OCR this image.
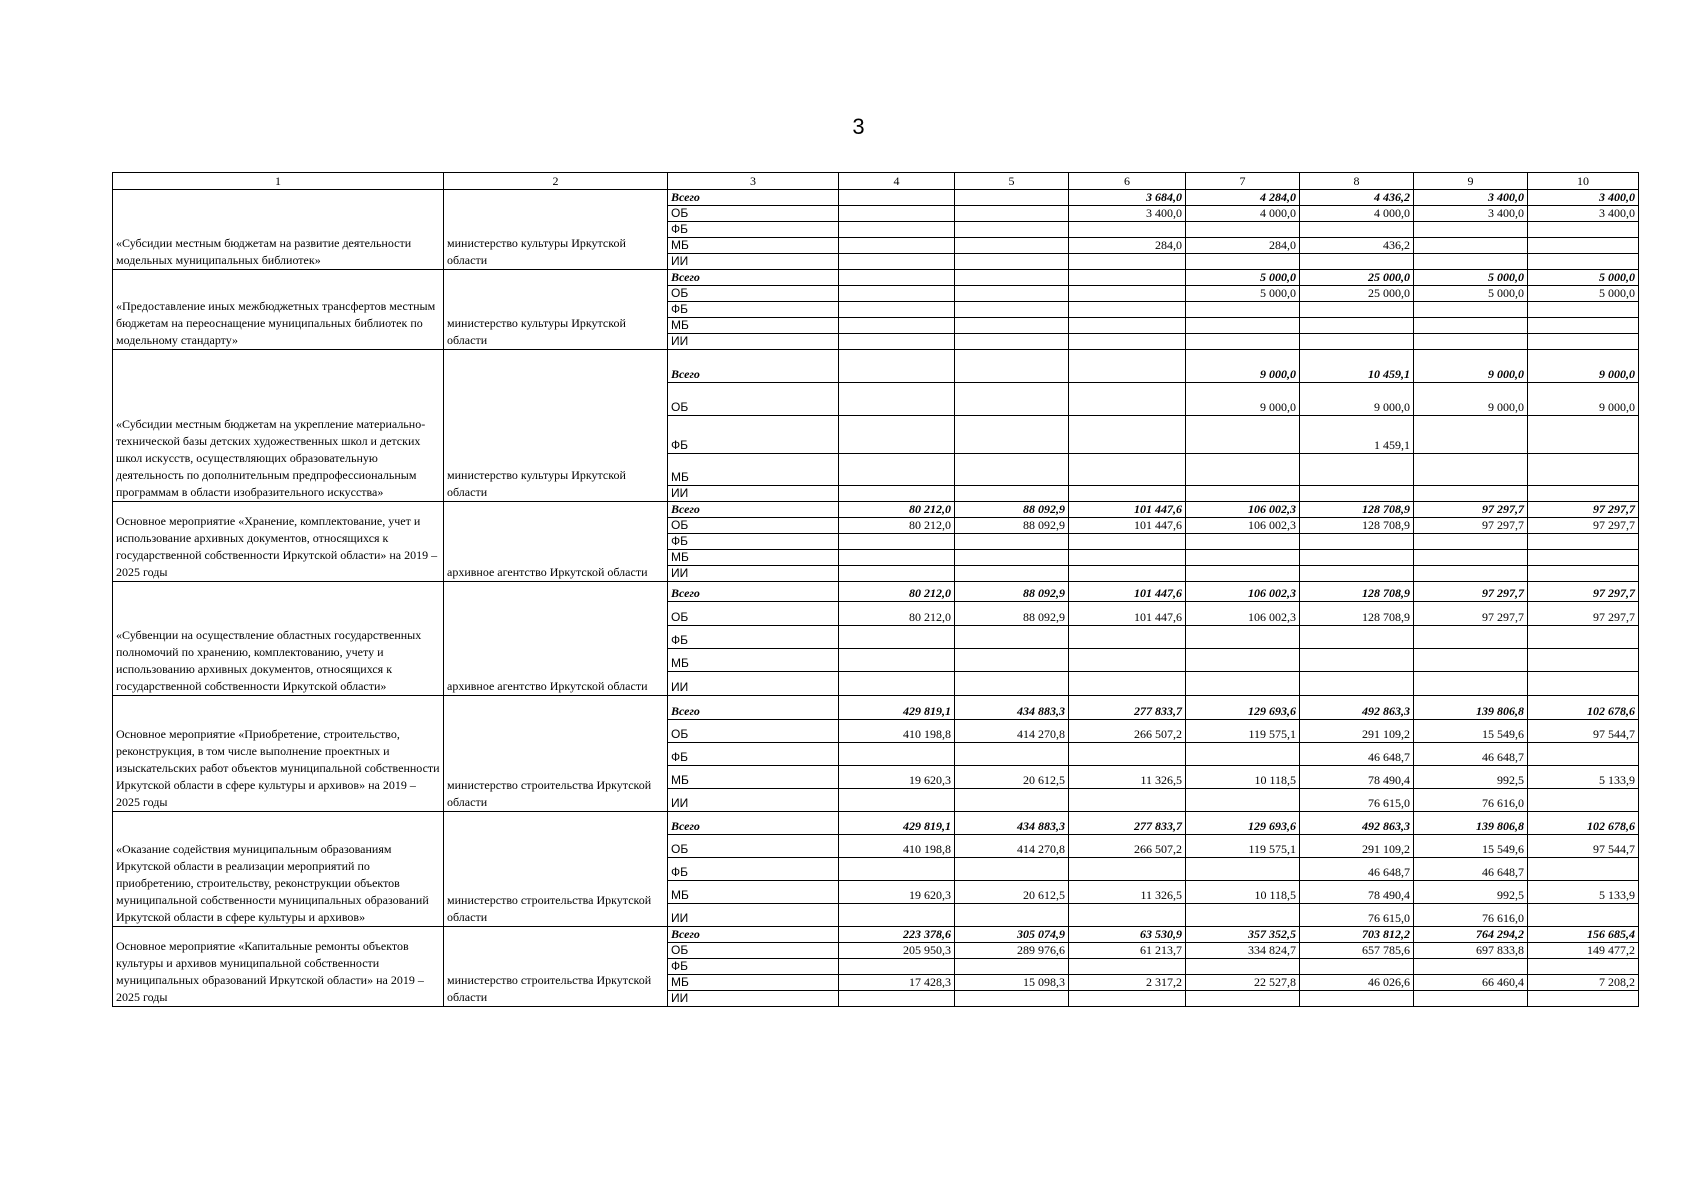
3
1	2	3	4	5	6	7	8	9	10
«Субсидии местным бюджетам на развитие деятельности модельных муниципальных библиотек»	министерство культуры Иркутской области	Всего			3 684,0	4 284,0	4 436,2	3 400,0	3 400,0
		ОБ			3 400,0	4 000,0	4 000,0	3 400,0	3 400,0
		ФБ							
		МБ			284,0	284,0	436,2		
		ИИ							
«Предоставление иных межбюджетных трансфертов местным бюджетам на переоснащение муниципальных библиотек по модельному стандарту»	министерство культуры Иркутской области	Всего				5 000,0	25 000,0	5 000,0	5 000,0
		ОБ				5 000,0	25 000,0	5 000,0	5 000,0
		ФБ							
		МБ							
		ИИ							
«Субсидии местным бюджетам на укрепление материально-технической базы детских художественных школ и детских школ искусств, осуществляющих образовательную деятельность по дополнительным предпрофессиональным программам в области изобразительного искусства»	министерство культуры Иркутской области	Всего				9 000,0	10 459,1	9 000,0	9 000,0
		ОБ				9 000,0	9 000,0	9 000,0	9 000,0
		ФБ					1 459,1		
		МБ							
		ИИ							
Основное мероприятие «Хранение, комплектование, учет и использование архивных документов, относящихся к государственной собственности Иркутской области» на 2019 – 2025 годы	архивное агентство Иркутской области	Всего	80 212,0	88 092,9	101 447,6	106 002,3	128 708,9	97 297,7	97 297,7
		ОБ	80 212,0	88 092,9	101 447,6	106 002,3	128 708,9	97 297,7	97 297,7
		ФБ							
		МБ							
		ИИ							
«Субвенции на осуществление областных государственных полномочий по хранению, комплектованию, учету и использованию архивных документов, относящихся к государственной собственности Иркутской области»	архивное агентство Иркутской области	Всего	80 212,0	88 092,9	101 447,6	106 002,3	128 708,9	97 297,7	97 297,7
		ОБ	80 212,0	88 092,9	101 447,6	106 002,3	128 708,9	97 297,7	97 297,7
		ФБ							
		МБ							
		ИИ							
Основное мероприятие «Приобретение, строительство, реконструкция, в том числе выполнение проектных и изыскательских работ объектов муниципальной собственности Иркутской области в сфере культуры и архивов» на 2019 – 2025 годы	министерство строительства Иркутской области	Всего	429 819,1	434 883,3	277 833,7	129 693,6	492 863,3	139 806,8	102 678,6
		ОБ	410 198,8	414 270,8	266 507,2	119 575,1	291 109,2	15 549,6	97 544,7
		ФБ					46 648,7	46 648,7	
		МБ	19 620,3	20 612,5	11 326,5	10 118,5	78 490,4	992,5	5 133,9
		ИИ					76 615,0	76 616,0	
«Оказание содействия муниципальным образованиям Иркутской области в реализации мероприятий по приобретению, строительству, реконструкции объектов муниципальной собственности муниципальных образований Иркутской области в сфере культуры и архивов»	министерство строительства Иркутской области	Всего	429 819,1	434 883,3	277 833,7	129 693,6	492 863,3	139 806,8	102 678,6
		ОБ	410 198,8	414 270,8	266 507,2	119 575,1	291 109,2	15 549,6	97 544,7
		ФБ					46 648,7	46 648,7	
		МБ	19 620,3	20 612,5	11 326,5	10 118,5	78 490,4	992,5	5 133,9
		ИИ					76 615,0	76 616,0	
Основное мероприятие «Капитальные ремонты объектов культуры и архивов муниципальной собственности муниципальных образований Иркутской области» на 2019 – 2025 годы	министерство строительства Иркутской области	Всего	223 378,6	305 074,9	63 530,9	357 352,5	703 812,2	764 294,2	156 685,4
		ОБ	205 950,3	289 976,6	61 213,7	334 824,7	657 785,6	697 833,8	149 477,2
		ФБ							
		МБ	17 428,3	15 098,3	2 317,2	22 527,8	46 026,6	66 460,4	7 208,2
		ИИ							
